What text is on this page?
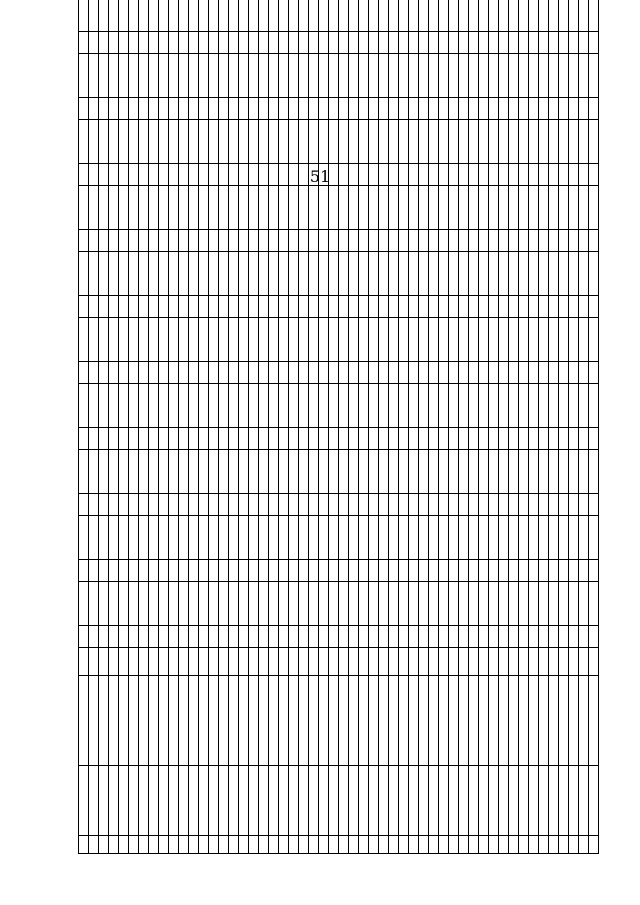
51
